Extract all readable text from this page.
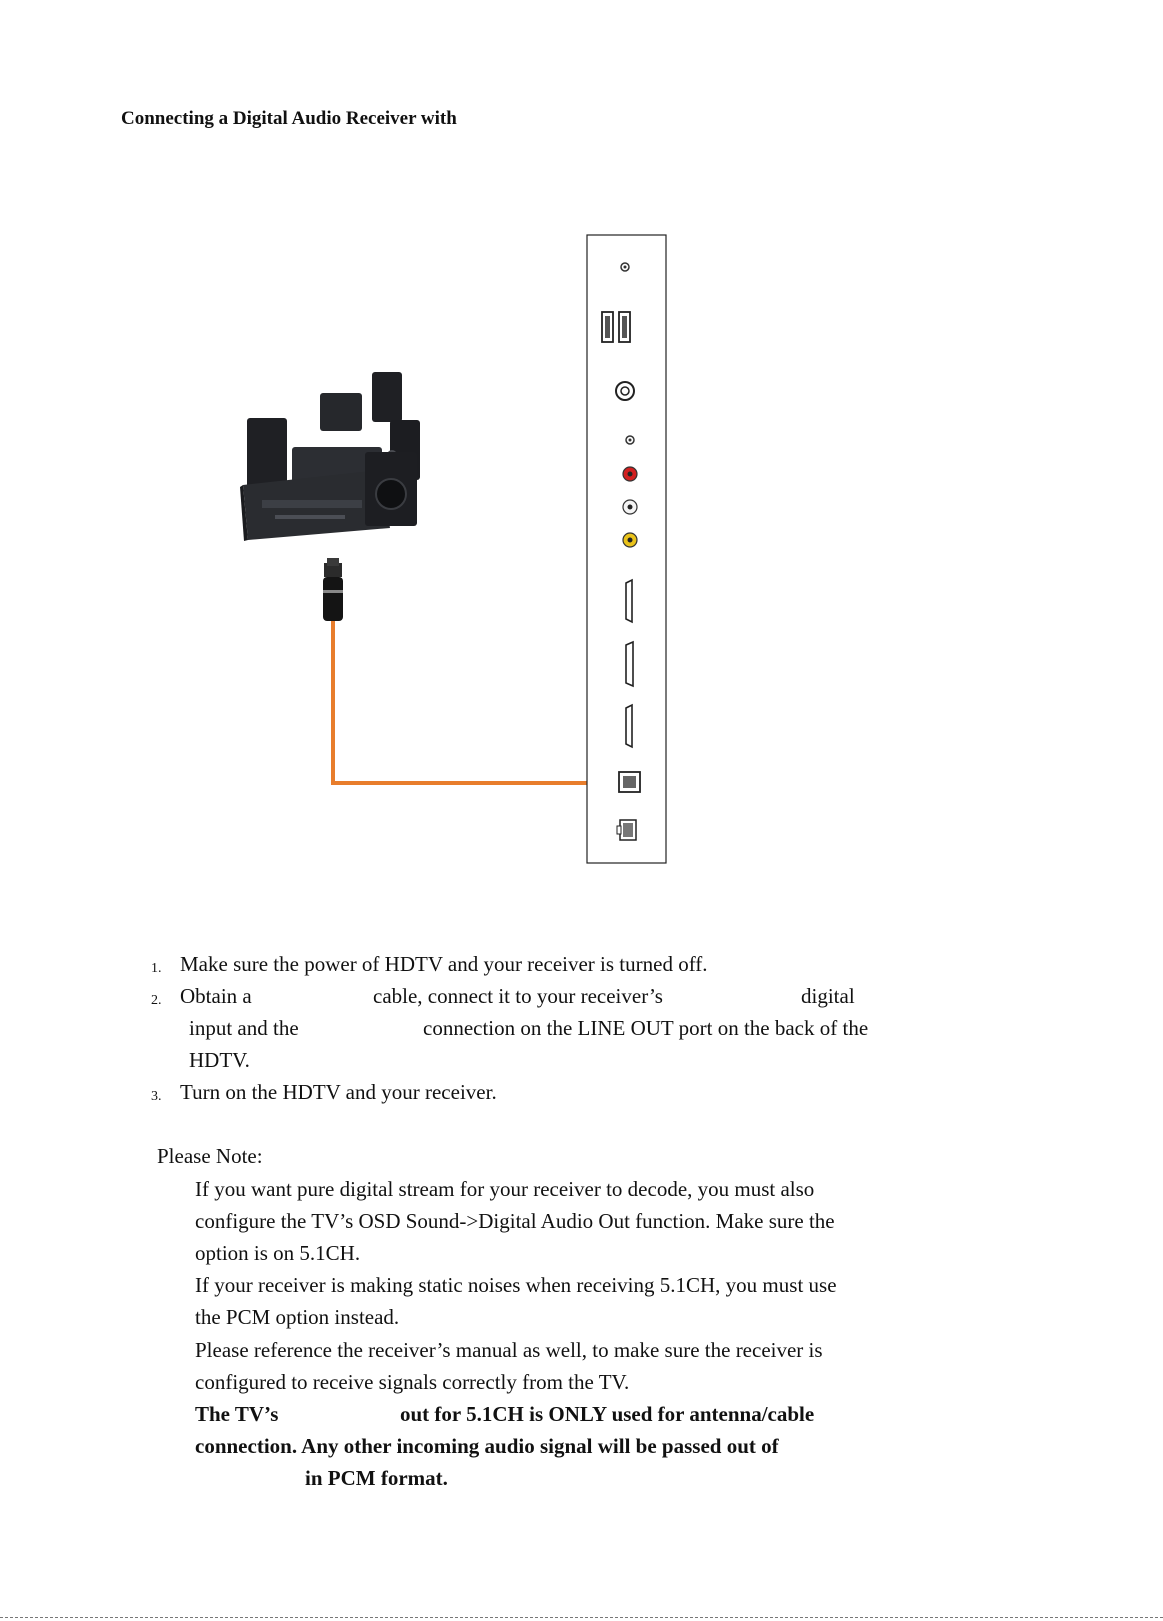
Connecting a Digital Audio Receiver with
1. Make sure the power of HDTV and your receiver is turned off.
2. Obtain a	cable, connect it to your receiver’s	digital
input and the	connection on the LINE OUT port on the back of the
HDTV.
3. Turn on the HDTV and your receiver.
Please Note:
If you want pure digital stream for your receiver to decode, you must also
configure the TV’s OSD Sound->Digital Audio Out function. Make sure the
option is on 5.1CH.
If your receiver is making static noises when receiving 5.1CH, you must use
the PCM option instead.
Please reference the receiver’s manual as well, to make sure the receiver is
configured to receive signals correctly from the TV.
The TV’s	out for 5.1CH is ONLY used for antenna/cable
connection. Any other incoming audio signal will be passed out of
in PCM format.
